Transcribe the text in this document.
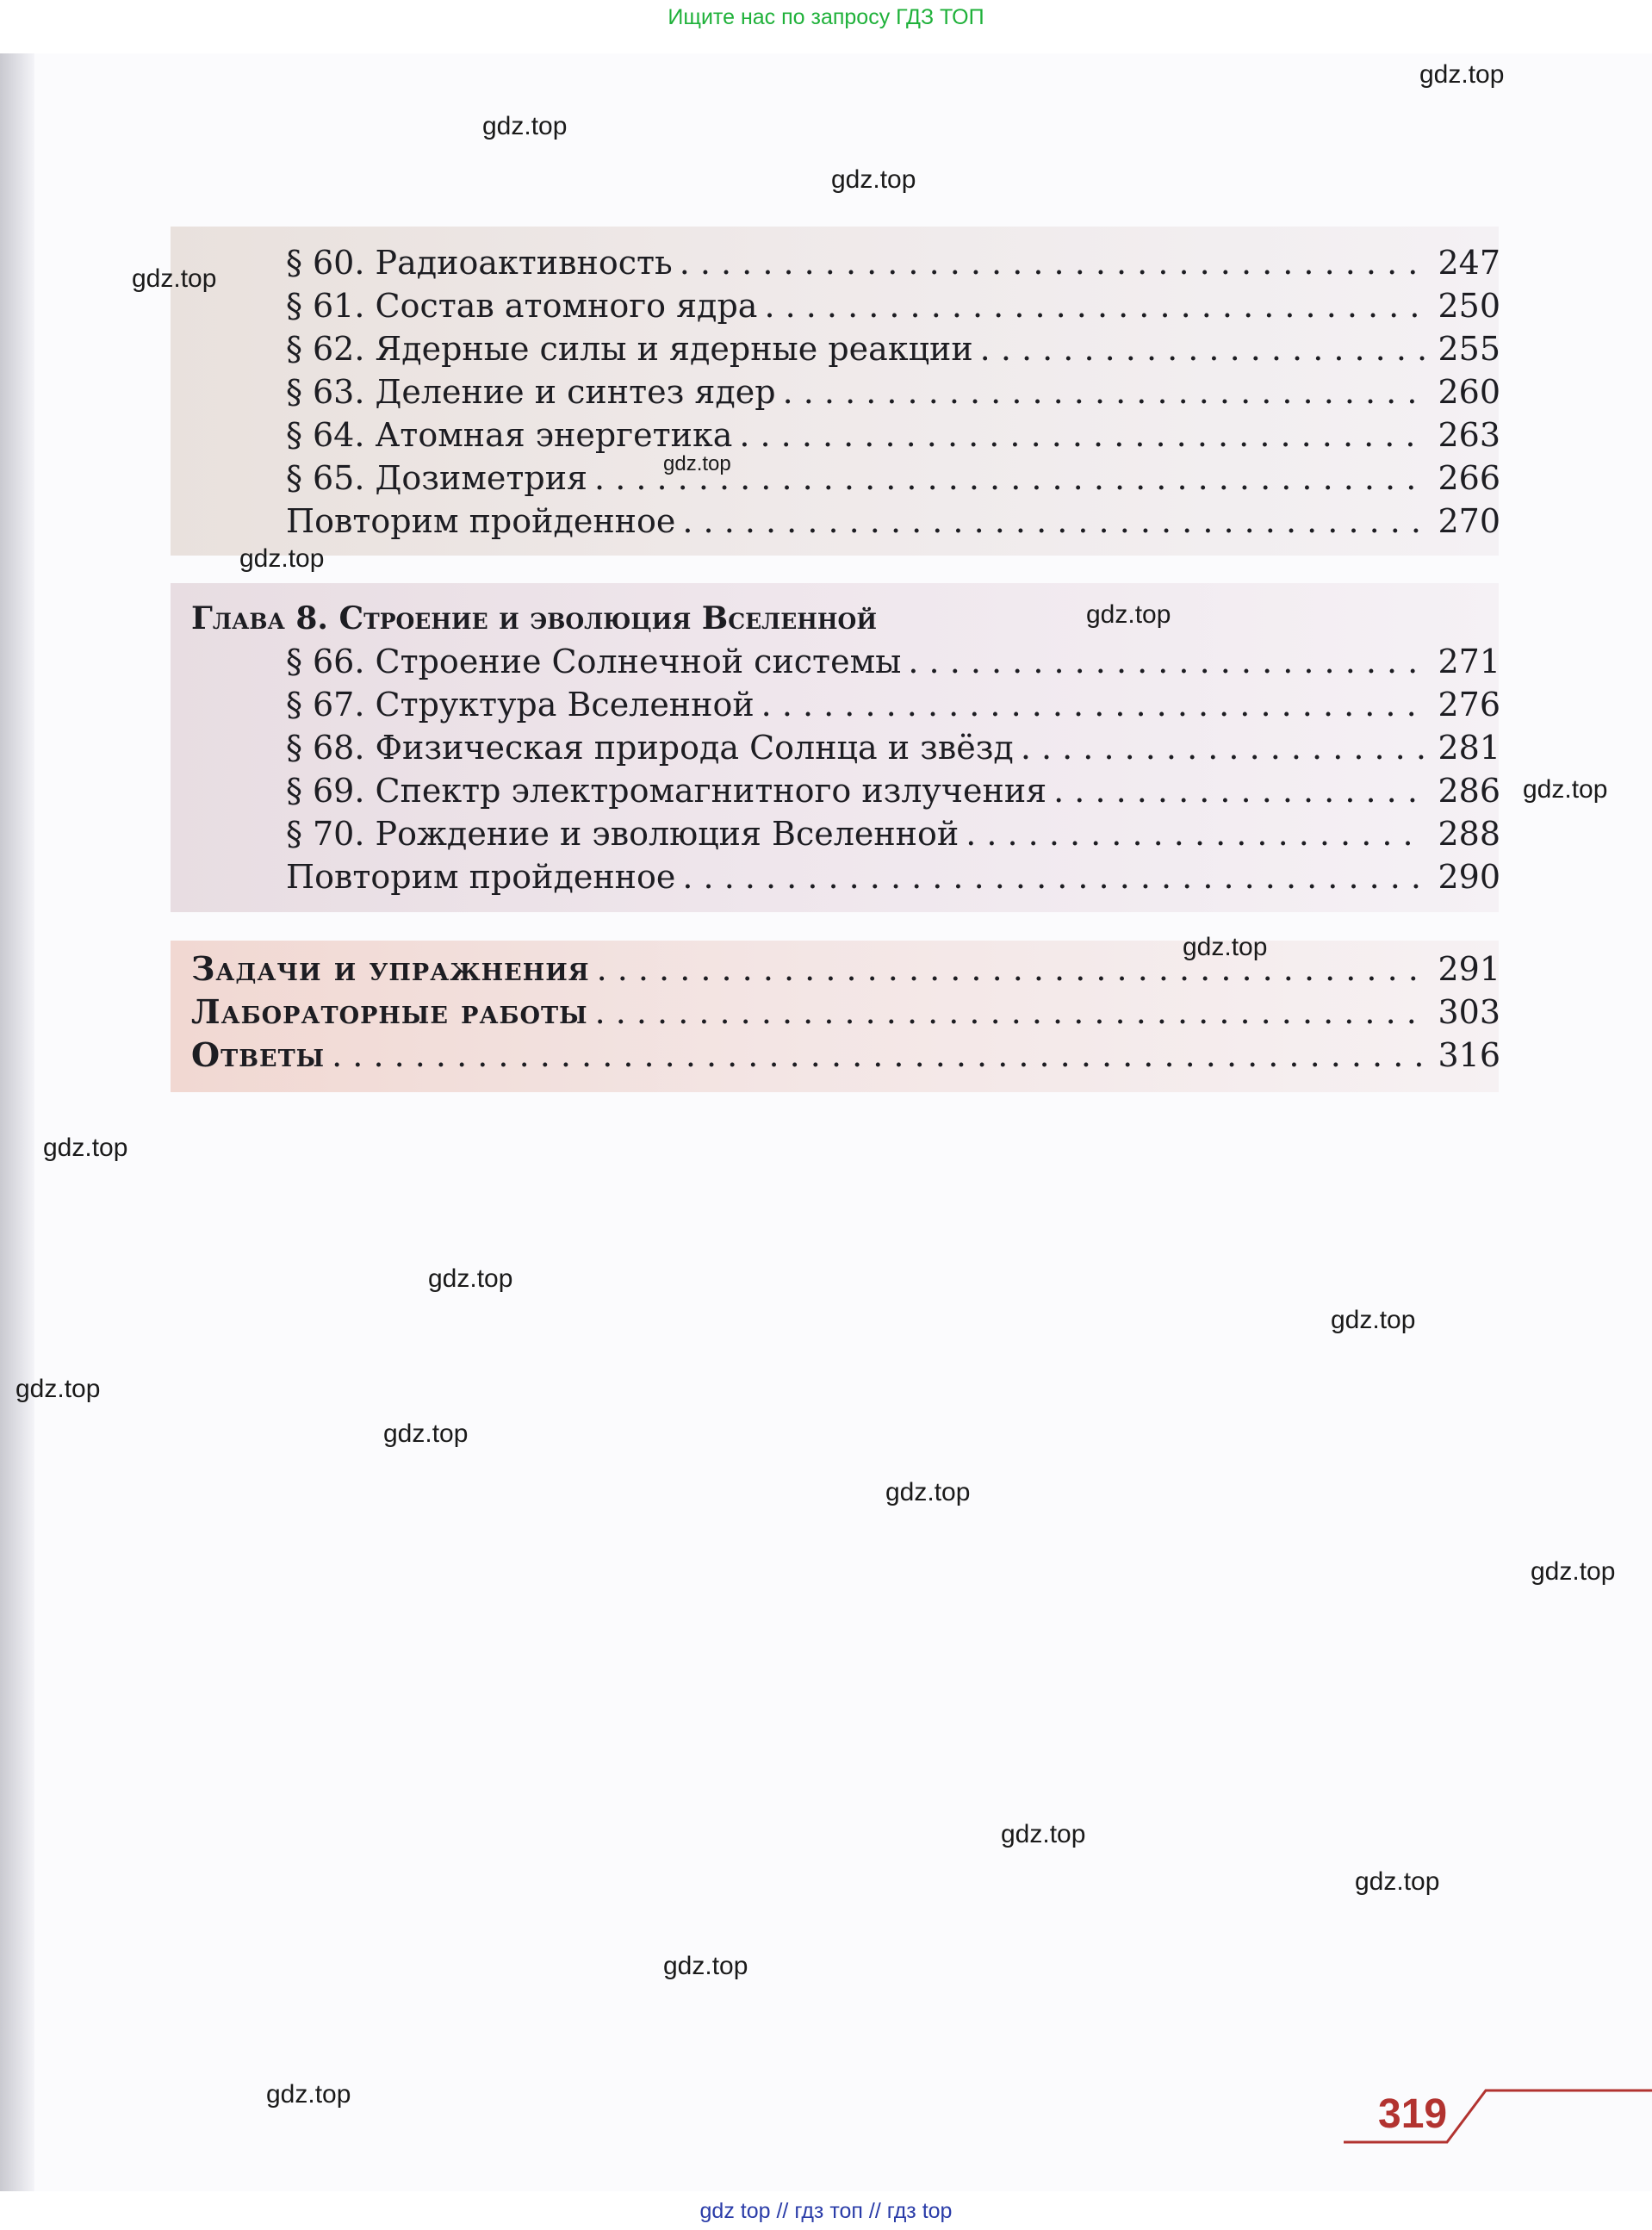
Ищите нас по запросу ГДЗ ТОП
§ 60. Радиоактивность . . .	247
§ 61. Состав атомного ядра . . .	250
§ 62. Ядерные силы и ядерные реакции . . .	255
§ 63. Деление и синтез ядер . . .	260
§ 64. Атомная энергетика . . .	263
§ 65. Дозиметрия . . .	266
Повторим пройденное . . .	270
Глава 8. Строение и эволюция Вселенной
§ 66. Строение Солнечной системы . . .	271
§ 67. Структура Вселенной . . .	276
§ 68. Физическая природа Солнца и звёзд . . .	281
§ 69. Спектр электромагнитного излучения . . .	286
§ 70. Рождение и эволюция Вселенной . . .	288
Повторим пройденное . . .	290
Задачи и упражнения . . .	291
Лабораторные работы . . .	303
Ответы . . .	316
gdz.top
gdz.top
gdz.top
gdz.top
gdz.top
gdz.top
gdz.top
gdz.top
gdz.top
gdz.top
gdz.top
gdz.top
gdz.top
gdz.top
gdz.top
gdz.top
gdz.top
gdz.top
gdz.top
gdz.top	319
gdz top // гдз топ // гдз top
